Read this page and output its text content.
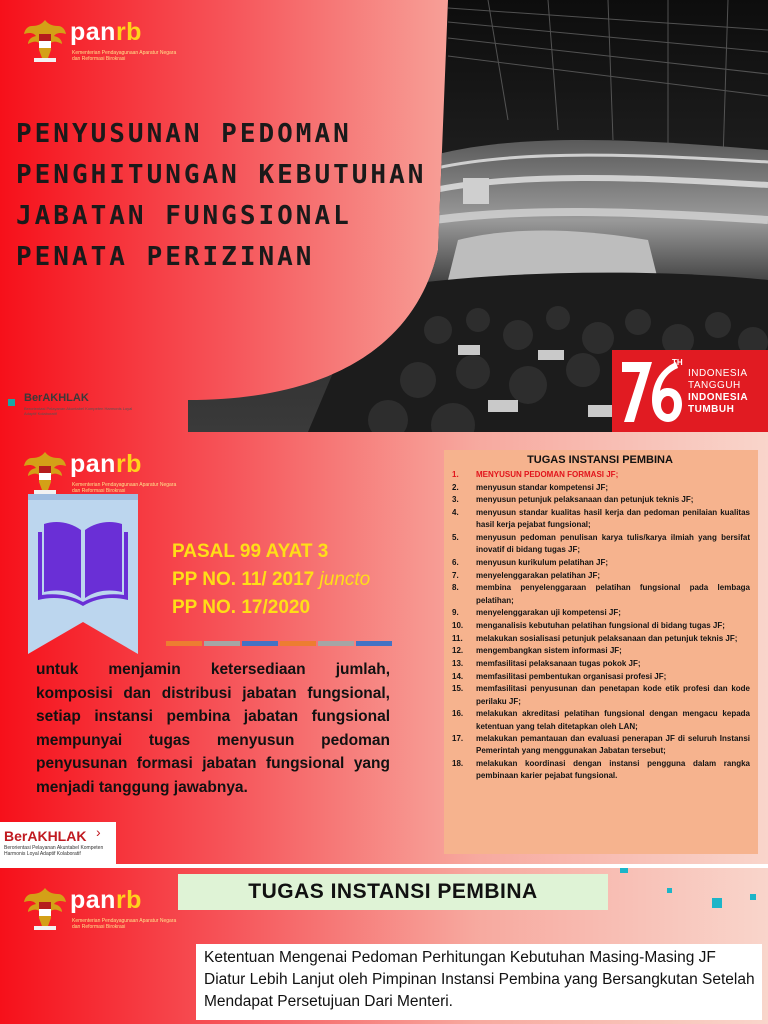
panrb
Kementerian Pendayagunaan Aparatur Negara dan Reformasi Birokrasi
PENYUSUNAN PEDOMAN
PENGHITUNGAN KEBUTUHAN
JABATAN FUNGSIONAL
PENATA PERIZINAN
BerAKHLAK
Berorientasi Pelayanan Akuntabel Kompeten Harmonis Loyal Adaptif Kolaboratif
TH
INDONESIA
TANGGUH
INDONESIA
TUMBUH
panrb
Kementerian Pendayagunaan Aparatur Negara dan Reformasi Birokrasi
PASAL 99 AYAT 3
PP NO. 11/ 2017 juncto
PP NO. 17/2020

untuk menjamin ketersediaan jumlah, komposisi dan distribusi jabatan fungsional, setiap instansi pembina jabatan fungsional mempunyai tugas menyusun pedoman penyusunan formasi jabatan fungsional yang menjadi tanggung jawabnya.

TUGAS INSTANSI PEMBINA
1.	MENYUSUN PEDOMAN FORMASI JF;
2.	menyusun standar kompetensi JF;
3.	menyusun petunjuk pelaksanaan dan petunjuk teknis JF;
4.	menyusun standar kualitas hasil kerja dan pedoman penilaian kualitas hasil kerja pejabat fungsional;
5.	menyusun pedoman penulisan karya tulis/karya ilmiah yang bersifat inovatif di bidang tugas JF;
6.	menyusun kurikulum pelatihan JF;
7.	menyelenggarakan pelatihan JF;
8.	membina penyelenggaraan pelatihan fungsional pada lembaga pelatihan;
9.	menyelenggarakan uji kompetensi JF;
10.	menganalisis kebutuhan pelatihan fungsional di bidang tugas JF;
11.	melakukan sosialisasi petunjuk pelaksanaan dan petunjuk teknis JF;
12.	mengembangkan sistem informasi JF;
13.	memfasilitasi pelaksanaan tugas pokok JF;
14.	memfasilitasi pembentukan organisasi profesi JF;
15.	memfasilitasi penyusunan dan penetapan kode etik profesi dan kode perilaku JF;
16.	melakukan akreditasi pelatihan fungsional dengan mengacu kepada ketentuan yang telah ditetapkan oleh LAN;
17.	melakukan pemantauan dan evaluasi penerapan JF di seluruh Instansi Pemerintah yang menggunakan Jabatan tersebut;
18.	melakukan koordinasi dengan instansi pengguna dalam rangka pembinaan karier pejabat fungsional.
BerAKHLAK ›
Berorientasi Pelayanan Akuntabel Kompeten Harmonis Loyal Adaptif Kolaboratif
panrb
Kementerian Pendayagunaan Aparatur Negara dan Reformasi Birokrasi
TUGAS INSTANSI PEMBINA
Ketentuan Mengenai Pedoman Perhitungan Kebutuhan Masing-Masing JF Diatur Lebih Lanjut oleh Pimpinan Instansi Pembina yang Bersangkutan Setelah Mendapat Persetujuan Dari Menteri.
